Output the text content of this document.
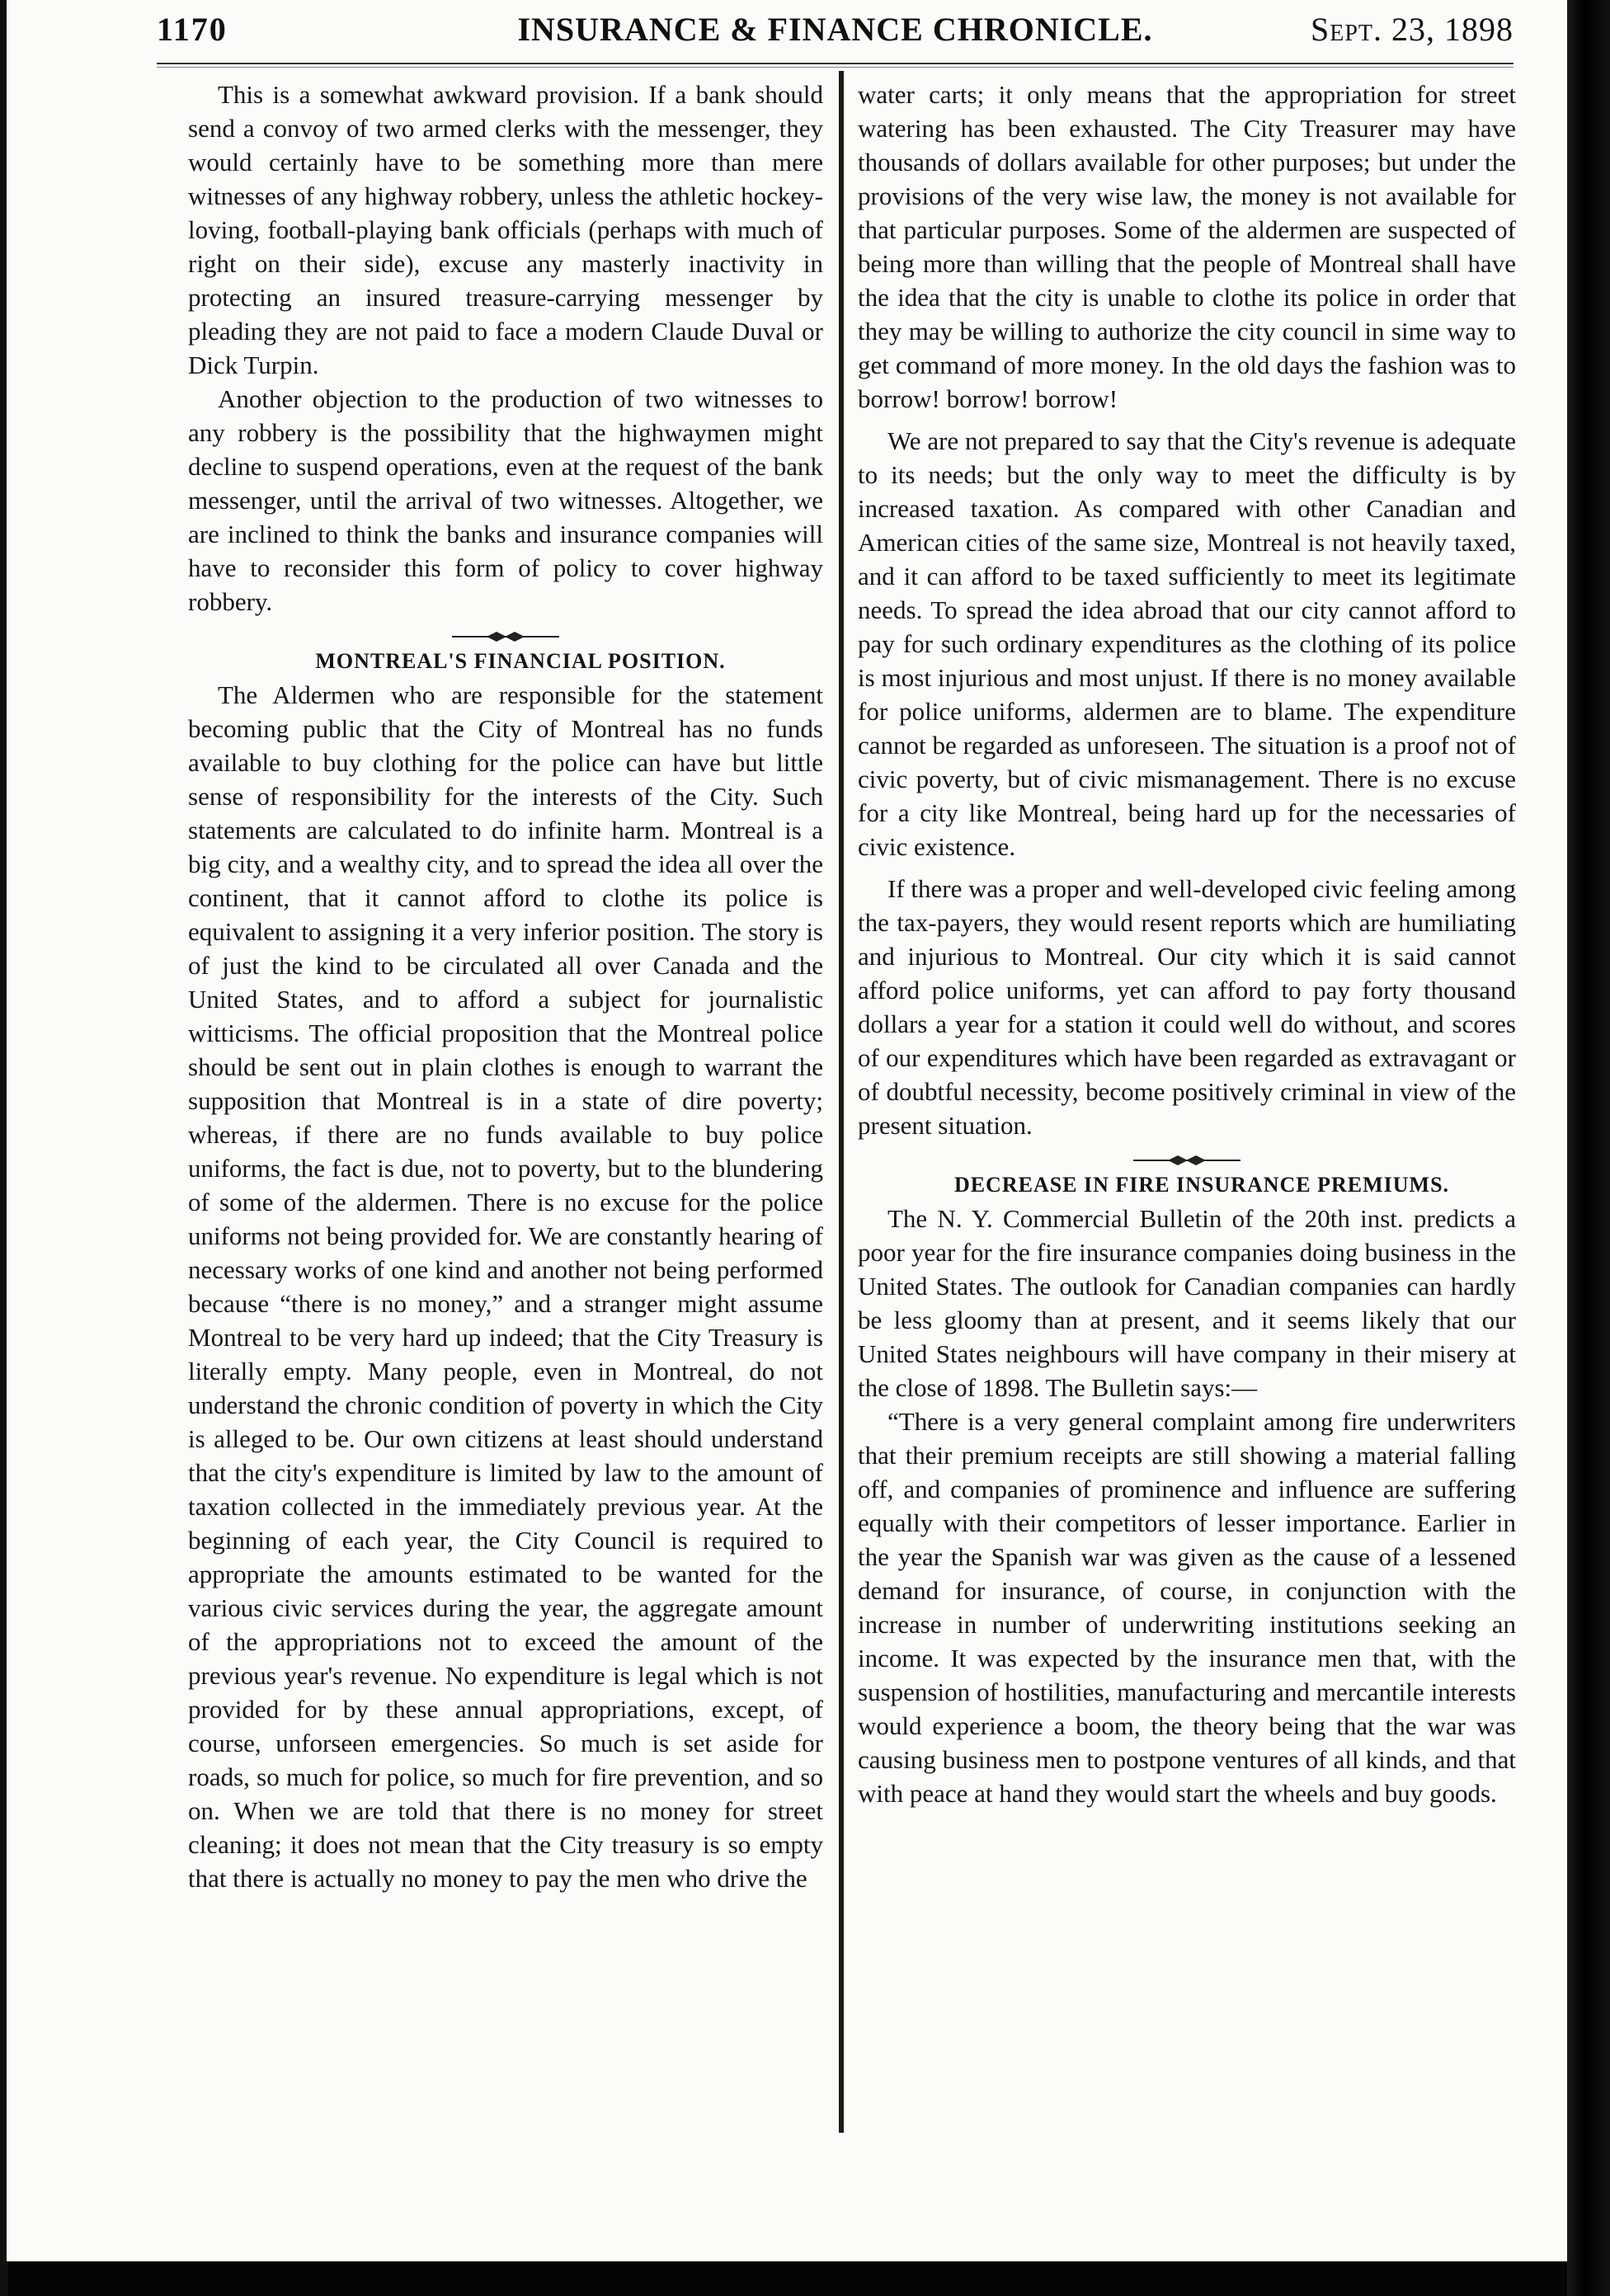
1170	INSURANCE & FINANCE CHRONICLE.	Sept. 23, 1898

This is a somewhat awkward provision. If a bank should send a convoy of two armed clerks with the messenger, they would certainly have to be something more than mere witnesses of any highway robbery, unless the athletic hockey-loving, football-playing bank officials (perhaps with much of right on their side), excuse any masterly inactivity in protecting an insured treasure-carrying messenger by pleading they are not paid to face a modern Claude Duval or Dick Turpin.

Another objection to the production of two witnesses to any robbery is the possibility that the highwaymen might decline to suspend operations, even at the request of the bank messenger, until the arrival of two witnesses. Altogether, we are inclined to think the banks and insurance companies will have to reconsider this form of policy to cover highway robbery.

MONTREAL'S FINANCIAL POSITION.

The Aldermen who are responsible for the statement becoming public that the City of Montreal has no funds available to buy clothing for the police can have but little sense of responsibility for the interests of the City. Such statements are calculated to do infinite harm. Montreal is a big city, and a wealthy city, and to spread the idea all over the continent, that it cannot afford to clothe its police is equivalent to assigning it a very inferior position. The story is of just the kind to be circulated all over Canada and the United States, and to afford a subject for journalistic witticisms. The official proposition that the Montreal police should be sent out in plain clothes is enough to warrant the supposition that Montreal is in a state of dire poverty; whereas, if there are no funds available to buy police uniforms, the fact is due, not to poverty, but to the blundering of some of the aldermen. There is no excuse for the police uniforms not being provided for. We are constantly hearing of necessary works of one kind and another not being performed because “there is no money,” and a stranger might assume Montreal to be very hard up indeed; that the City Treasury is literally empty. Many people, even in Montreal, do not understand the chronic condition of poverty in which the City is alleged to be. Our own citizens at least should understand that the city's expenditure is limited by law to the amount of taxation collected in the immediately previous year. At the beginning of each year, the City Council is required to appropriate the amounts estimated to be wanted for the various civic services during the year, the aggregate amount of the appropriations not to exceed the amount of the previous year's revenue. No expenditure is legal which is not provided for by these annual appropriations, except, of course, unforseen emergencies. So much is set aside for roads, so much for police, so much for fire prevention, and so on. When we are told that there is no money for street cleaning; it does not mean that the City treasury is so empty that there is actually no money to pay the men who drive the

water carts; it only means that the appropriation for street watering has been exhausted. The City Treasurer may have thousands of dollars available for other purposes; but under the provisions of the very wise law, the money is not available for that particular purposes. Some of the aldermen are suspected of being more than willing that the people of Montreal shall have the idea that the city is unable to clothe its police in order that they may be willing to authorize the city council in sime way to get command of more money. In the old days the fashion was to borrow! borrow! borrow!

We are not prepared to say that the City's revenue is adequate to its needs; but the only way to meet the difficulty is by increased taxation. As compared with other Canadian and American cities of the same size, Montreal is not heavily taxed, and it can afford to be taxed sufficiently to meet its legitimate needs. To spread the idea abroad that our city cannot afford to pay for such ordinary expenditures as the clothing of its police is most injurious and most unjust. If there is no money available for police uniforms, aldermen are to blame. The expenditure cannot be regarded as unforeseen. The situation is a proof not of civic poverty, but of civic mismanagement. There is no excuse for a city like Montreal, being hard up for the necessaries of civic existence.

If there was a proper and well-developed civic feeling among the tax-payers, they would resent reports which are humiliating and injurious to Montreal. Our city which it is said cannot afford police uniforms, yet can afford to pay forty thousand dollars a year for a station it could well do without, and scores of our expenditures which have been regarded as extravagant or of doubtful necessity, become positively criminal in view of the present situation.

DECREASE IN FIRE INSURANCE PREMIUMS.

The N. Y. Commercial Bulletin of the 20th inst. predicts a poor year for the fire insurance companies doing business in the United States. The outlook for Canadian companies can hardly be less gloomy than at present, and it seems likely that our United States neighbours will have company in their misery at the close of 1898. The Bulletin says:—

“There is a very general complaint among fire underwriters that their premium receipts are still showing a material falling off, and companies of prominence and influence are suffering equally with their competitors of lesser importance. Earlier in the year the Spanish war was given as the cause of a lessened demand for insurance, of course, in conjunction with the increase in number of underwriting institutions seeking an income. It was expected by the insurance men that, with the suspension of hostilities, manufacturing and mercantile interests would experience a boom, the theory being that the war was causing business men to postpone ventures of all kinds, and that with peace at hand they would start the wheels and buy goods.
